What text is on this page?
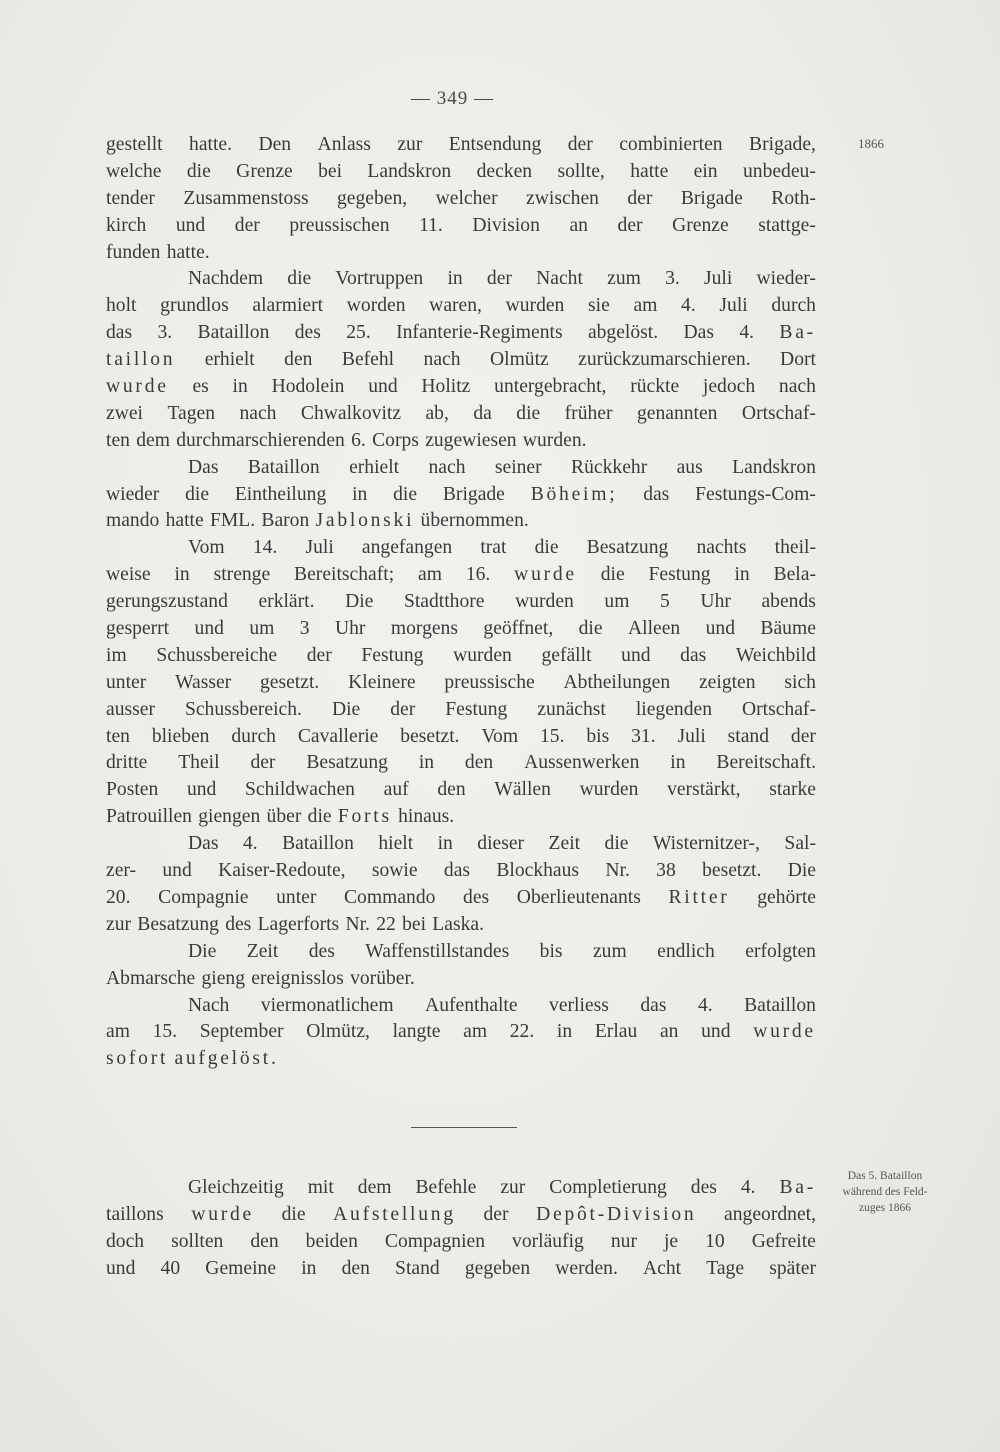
— 349 —
1866
Das 5. Bataillon
während des Feld-
zuges 1866
gestellt hatte. Den Anlass zur Entsendung der combinierten Brigade,
welche die Grenze bei Landskron decken sollte, hatte ein unbedeu-
tender Zusammenstoss gegeben, welcher zwischen der Brigade Roth-
kirch und der preussischen 11. Division an der Grenze stattge-
funden hatte.
Nachdem die Vortruppen in der Nacht zum 3. Juli wieder-
holt grundlos alarmiert worden waren, wurden sie am 4. Juli durch
das 3. Bataillon des 25. Infanterie-Regiments abgelöst. Das 4. Ba-
taillon erhielt den Befehl nach Olmütz zurückzumarschieren. Dort
wurde es in Hodolein und Holitz untergebracht, rückte jedoch nach
zwei Tagen nach Chwalkovitz ab, da die früher genannten Ortschaf-
ten dem durchmarschierenden 6. Corps zugewiesen wurden.
Das Bataillon erhielt nach seiner Rückkehr aus Landskron
wieder die Eintheilung in die Brigade Böheim; das Festungs-Com-
mando hatte FML. Baron Jablonski übernommen.
Vom 14. Juli angefangen trat die Besatzung nachts theil-
weise in strenge Bereitschaft; am 16. wurde die Festung in Bela-
gerungszustand erklärt. Die Stadtthore wurden um 5 Uhr abends
gesperrt und um 3 Uhr morgens geöffnet, die Alleen und Bäume
im Schussbereiche der Festung wurden gefällt und das Weichbild
unter Wasser gesetzt. Kleinere preussische Abtheilungen zeigten sich
ausser Schussbereich. Die der Festung zunächst liegenden Ortschaf-
ten blieben durch Cavallerie besetzt. Vom 15. bis 31. Juli stand der
dritte Theil der Besatzung in den Aussenwerken in Bereitschaft.
Posten und Schildwachen auf den Wällen wurden verstärkt, starke
Patrouillen giengen über die Forts hinaus.
Das 4. Bataillon hielt in dieser Zeit die Wisternitzer-, Sal-
zer- und Kaiser-Redoute, sowie das Blockhaus Nr. 38 besetzt. Die
20. Compagnie unter Commando des Oberlieutenants Ritter gehörte
zur Besatzung des Lagerforts Nr. 22 bei Laska.
Die Zeit des Waffenstillstandes bis zum endlich erfolgten
Abmarsche gieng ereignisslos vorüber.
Nach viermonatlichem Aufenthalte verliess das 4. Bataillon
am 15. September Olmütz, langte am 22. in Erlau an und wurde
sofort aufgelöst.
Gleichzeitig mit dem Befehle zur Completierung des 4. Ba-
taillons wurde die Aufstellung der Depôt-Division angeordnet,
doch sollten den beiden Compagnien vorläufig nur je 10 Gefreite
und 40 Gemeine in den Stand gegeben werden. Acht Tage später
